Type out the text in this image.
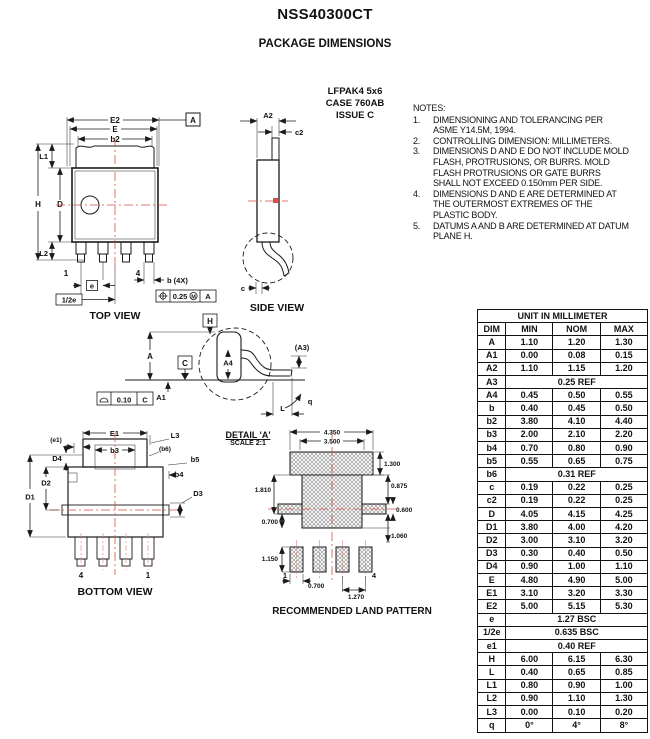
NSS40300CT
PACKAGE DIMENSIONS
LFPAK4 5x6
CASE 760AB
ISSUE C
NOTES:
1.	DIMENSIONING AND TOLERANCING PER ASME Y14.5M, 1994.
2.	CONTROLLING DIMENSION: MILLIMETERS.
3.	DIMENSIONS D AND E DO NOT INCLUDE MOLD FLASH, PROTRUSIONS, OR BURRS. MOLD FLASH PROTRUSIONS OR GATE BURRS SHALL NOT EXCEED 0.150mm PER SIDE.
4.	DIMENSIONS D AND E ARE DETERMINED AT THE OUTERMOST EXTREMES OF THE PLASTIC BODY.
5.	DATUMS A AND B ARE DETERMINED AT DATUM PLANE H.
E2	A
E
b2
H
L1
D
L2
1	4
e
1/2e
b (4X)
0.25 M A
TOP VIEW
A2
c2
c
SIDE VIEW
H
A
C	A4
A1
0.10 C
(A3)
q
L
E1
(e1)
b3
L3
(b6)
b5
b4
D3
D4
D2
D1
4	1
BOTTOM VIEW
4.350
3.500
1.300
1.810
0.875
0.600
0.700
1.060
1.150
0.700
1.270
1	4
RECOMMENDED LAND PATTERN
DETAIL 'A'
SCALE 2:1
UNIT IN MILLIMETER			
DIM	MIN	NOM	MAX
A	1.10	1.20	1.30
A1	0.00	0.08	0.15
A2	1.10	1.15	1.20
A3	0.25 REF		
A4	0.45	0.50	0.55
b	0.40	0.45	0.50
b2	3.80	4.10	4.40
b3	2.00	2.10	2.20
b4	0.70	0.80	0.90
b5	0.55	0.65	0.75
b6	0.31 REF		
c	0.19	0.22	0.25
c2	0.19	0.22	0.25
D	4.05	4.15	4.25
D1	3.80	4.00	4.20
D2	3.00	3.10	3.20
D3	0.30	0.40	0.50
D4	0.90	1.00	1.10
E	4.80	4.90	5.00
E1	3.10	3.20	3.30
E2	5.00	5.15	5.30
e	1.27 BSC		
1/2e	0.635 BSC		
e1	0.40 REF		
H	6.00	6.15	6.30
L	0.40	0.65	0.85
L1	0.80	0.90	1.00
L2	0.90	1.10	1.30
L3	0.00	0.10	0.20
q	0°	4°	8°
